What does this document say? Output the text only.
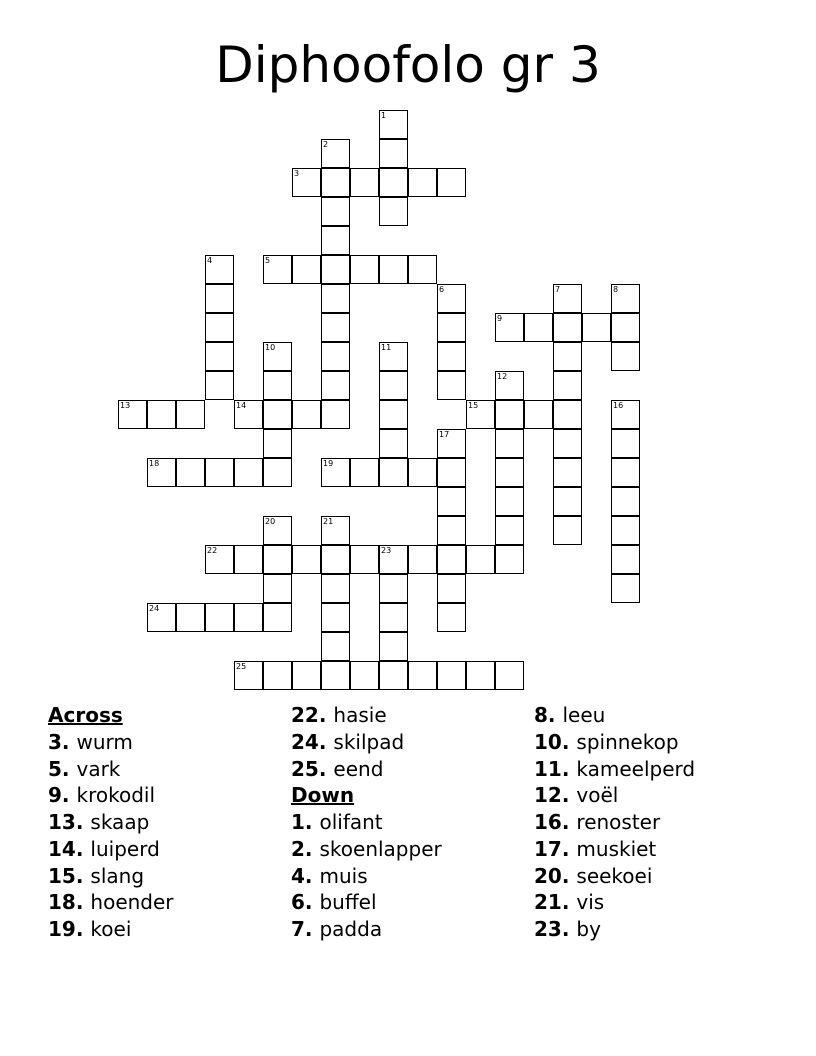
Diphoofolo gr 3
3
5
9
13	14	15
18	19
22	23
24
25
1
2
4
6	7	8
10	11
12
16
17
20	21
Across
3. wurm
5. vark
9. krokodil
13. skaap
14. luiperd
15. slang
18. hoender
19. koei
22. hasie
24. skilpad
25. eend
Down
1. olifant
2. skoenlapper
4. muis
6. buffel
7. padda
8. leeu
10. spinnekop
11. kameelperd
12. voël
16. renoster
17. muskiet
20. seekoei
21. vis
23. by
